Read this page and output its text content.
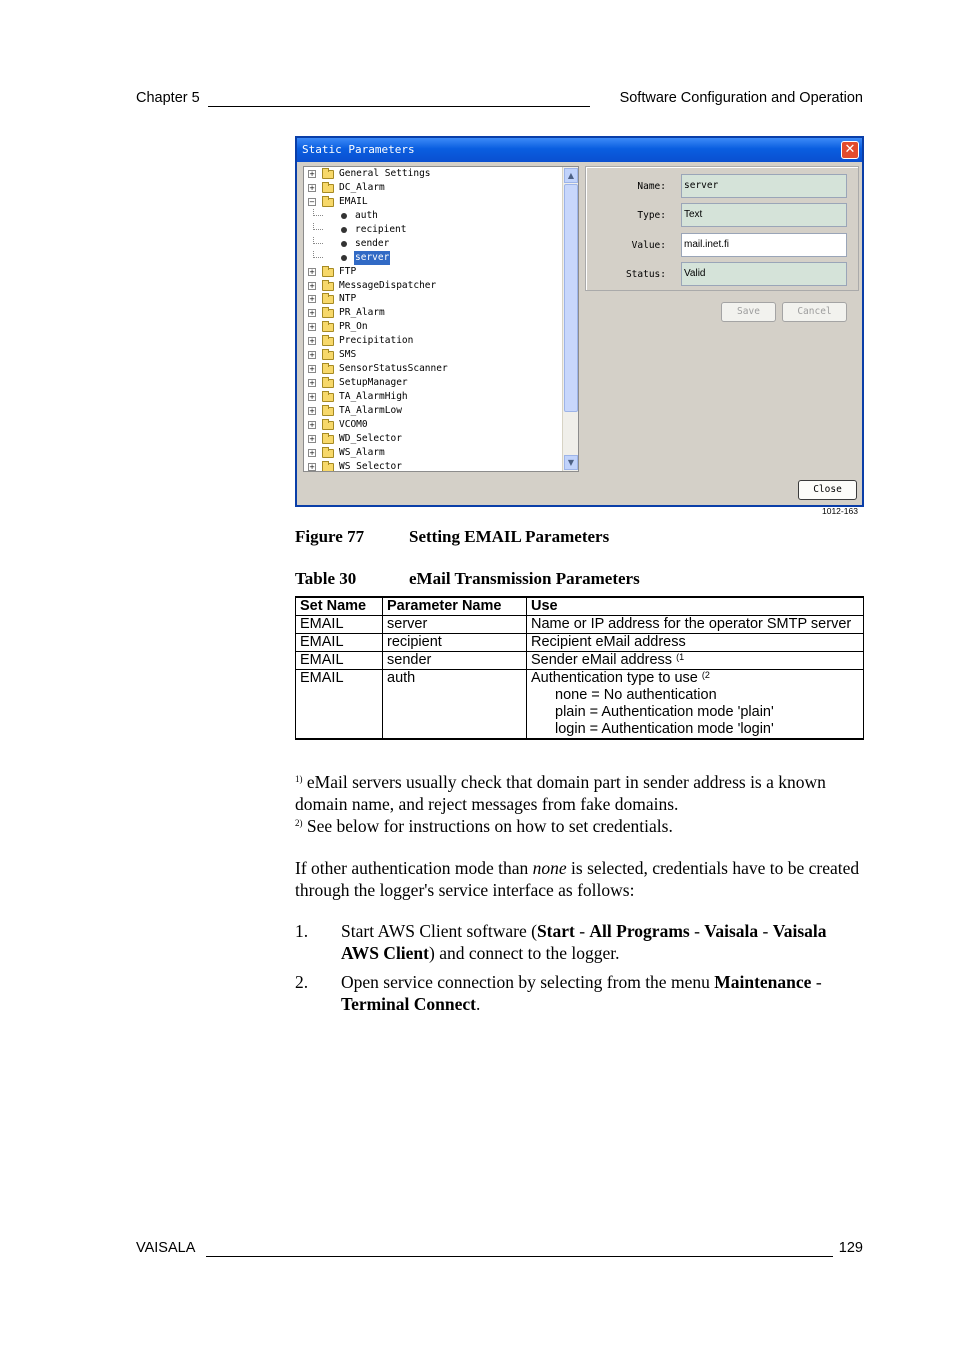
Chapter 5	Software Configuration and Operation
Static Parameters	✕
+	General Settings
+	DC_Alarm
−	EMAIL
auth
recipient
sender
server
+	FTP
+	MessageDispatcher
+	NTP
+	PR_Alarm
+	PR_On
+	Precipitation
+	SMS
+	SensorStatusScanner
+	SetupManager
+	TA_AlarmHigh
+	TA_AlarmLow
+	VCOM0
+	WD_Selector
+	WS_Alarm
+	WS_Selector
▲
▼
Name:	server
Type:	Text
Value:	mail.inet.fi
Status:	Valid
Save	Cancel
Close
1012-163
Figure 77	Setting EMAIL Parameters
Table 30	eMail Transmission Parameters
Set Name	Parameter Name	Use
EMAIL	server	Name or IP address for the operator SMTP server
EMAIL	recipient	Recipient eMail address
EMAIL	sender	Sender eMail address $^{(1}$
EMAIL	auth	Authentication type to use $^{(2}$
none = No authentication
plain = Authentication mode 'plain'
login = Authentication mode 'login'
$^{1)}$ eMail servers usually check that domain part in sender address is a known domain name, and reject messages from fake domains.
$^{2)}$ See below for instructions on how to set credentials.
If other authentication mode than none is selected, credentials have to be created through the logger's service interface as follows:
1. Start AWS Client software (Start - All Programs - Vaisala - Vaisala AWS Client) and connect to the logger.
2. Open service connection by selecting from the menu Maintenance - Terminal Connect.
VAISALA	129
